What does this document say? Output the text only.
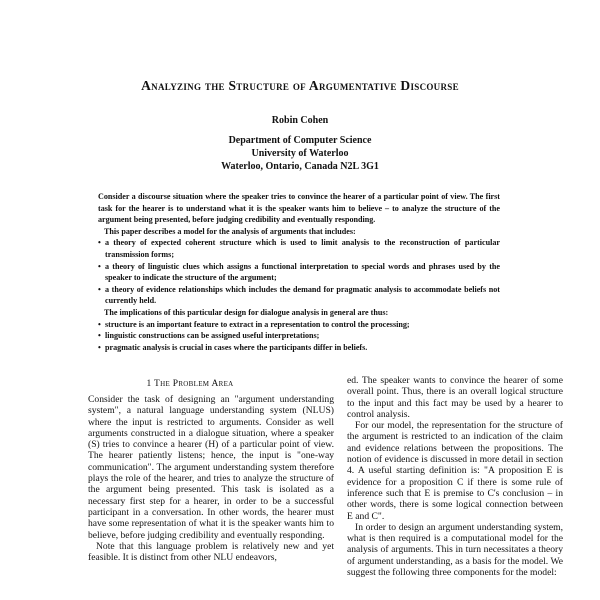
Analyzing the Structure of Argumentative Discourse
Robin Cohen
Department of Computer Science
University of Waterloo
Waterloo, Ontario, Canada N2L 3G1

Consider a discourse situation where the speaker tries to convince the hearer of a particular point of view. The first task for the hearer is to understand what it is the speaker wants him to believe – to analyze the structure of the argument being presented, before judging credibility and eventually responding.

This paper describes a model for the analysis of arguments that includes:

• a theory of expected coherent structure which is used to limit analysis to the reconstruction of particular transmission forms;
• a theory of linguistic clues which assigns a functional interpretation to special words and phrases used by the speaker to indicate the structure of the argument;
• a theory of evidence relationships which includes the demand for pragmatic analysis to accommodate beliefs not currently held.

The implications of this particular design for dialogue analysis in general are thus:

• structure is an important feature to extract in a representation to control the processing;
• linguistic constructions can be assigned useful interpretations;
• pragmatic analysis is crucial in cases where the participants differ in beliefs.
1 The Problem Area

Consider the task of designing an "argument understanding system", a natural language understanding system (NLUS) where the input is restricted to arguments. Consider as well arguments constructed in a dialogue situation, where a speaker (S) tries to convince a hearer (H) of a particular point of view. The hearer patiently listens; hence, the input is "one-way communication". The argument understanding system therefore plays the role of the hearer, and tries to analyze the structure of the argument being presented. This task is isolated as a necessary first step for a hearer, in order to be a successful participant in a conversation. In other words, the hearer must have some representation of what it is the speaker wants him to believe, before judging credibility and eventually responding.

Note that this language problem is relatively new and yet feasible. It is distinct from other NLU endeavors,

ed. The speaker wants to convince the hearer of some overall point. Thus, there is an overall logical structure to the input and this fact may be used by a hearer to control analysis.

For our model, the representation for the structure of the argument is restricted to an indication of the claim and evidence relations between the propositions. The notion of evidence is discussed in more detail in section 4. A useful starting definition is: "A proposition E is evidence for a proposition C if there is some rule of inference such that E is premise to C's conclusion – in other words, there is some logical connection between E and C".

In order to design an argument understanding system, what is then required is a computational model for the analysis of arguments. This in turn necessitates a theory of argument understanding, as a basis for the model. We suggest the following three components for the model:
